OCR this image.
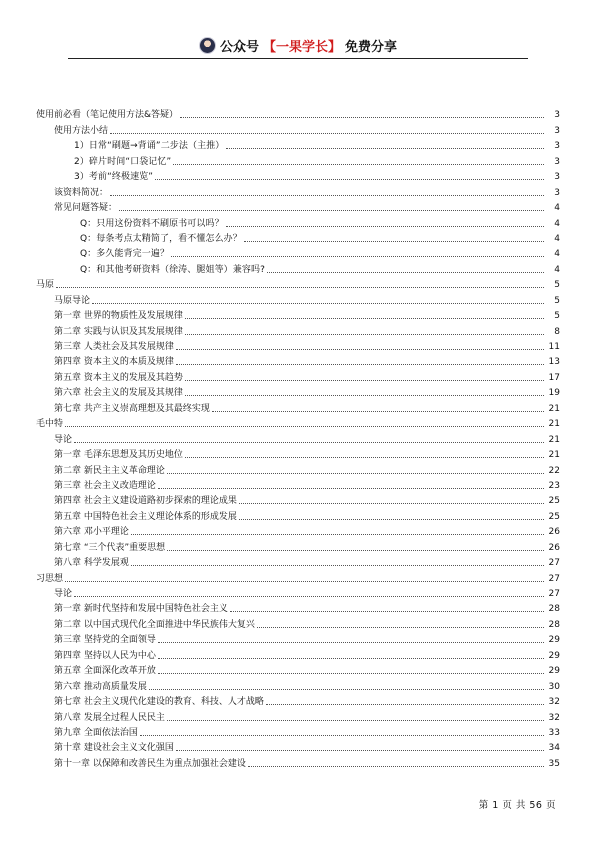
公众号 【一果学长】 免费分享
使用前必看（笔记使用方法&答疑）	3
使用方法小结	3
1）日常“刷题→背诵”二步法（主推）	3
2）碎片时间“口袋记忆”	3
3）考前“终极速览”	3
该资料简况：	3
常见问题答疑：	4
Q：只用这份资料不刷原书可以吗？	4
Q：每条考点太精简了，看不懂怎么办？	4
Q：多久能背完一遍？	4
Q：和其他考研资料（徐涛、腿姐等）兼容吗?	4
马原	5
马原导论	5
第一章 世界的物质性及发展规律	5
第二章 实践与认识及其发展规律	8
第三章 人类社会及其发展规律	11
第四章 资本主义的本质及规律	13
第五章 资本主义的发展及其趋势	17
第六章 社会主义的发展及其规律	19
第七章 共产主义崇高理想及其最终实现	21
毛中特	21
导论	21
第一章 毛泽东思想及其历史地位	21
第二章 新民主主义革命理论	22
第三章 社会主义改造理论	23
第四章 社会主义建设道路初步探索的理论成果	25
第五章 中国特色社会主义理论体系的形成发展	25
第六章 邓小平理论	26
第七章 “三个代表”重要思想	26
第八章 科学发展观	27
习思想	27
导论	27
第一章 新时代坚持和发展中国特色社会主义	28
第二章 以中国式现代化全面推进中华民族伟大复兴	28
第三章 坚持党的全面领导	29
第四章 坚持以人民为中心	29
第五章 全面深化改革开放	29
第六章 推动高质量发展	30
第七章 社会主义现代化建设的教育、科技、人才战略	32
第八章 发展全过程人民民主	32
第九章 全面依法治国	33
第十章 建设社会主义文化强国	34
第十一章 以保障和改善民生为重点加强社会建设	35
第 1 页 共 56 页
